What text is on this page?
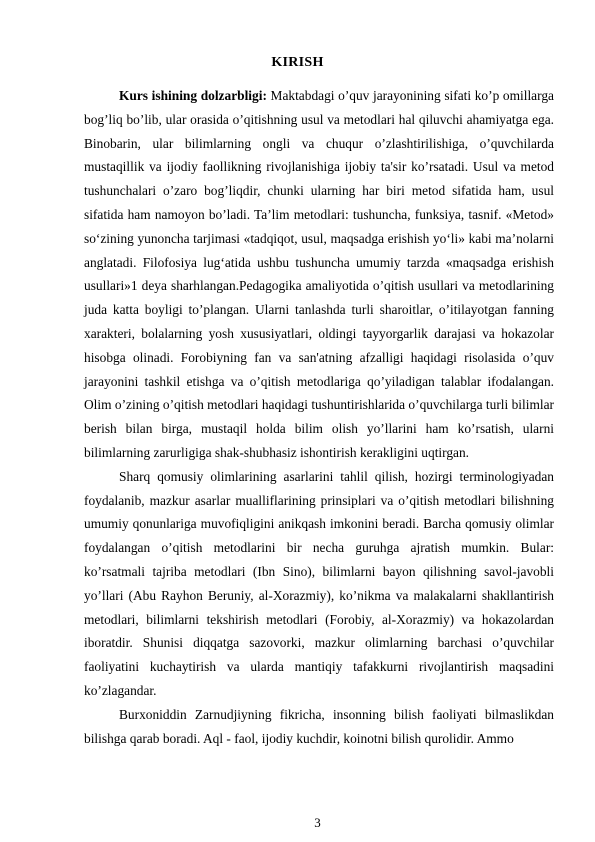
KIRISH

Kurs ishining dolzarbligi: Maktabdagi o’quv jarayonining sifati ko’p omillarga bog’liq bo’lib, ular orasida o’qitishning usul va metodlari hal qiluvchi ahamiyatga ega. Binobarin, ular bilimlarning ongli va chuqur o’zlashtirilishiga, o’quvchilarda mustaqillik va ijodiy faollikning rivojlanishiga ijobiy ta'sir ko’rsatadi. Usul va metod tushunchalari o’zaro bog’liqdir, chunki ularning har biri metod sifatida ham, usul sifatida ham namoyon bo’ladi. Ta’lim metodlari: tushuncha, funksiya, tasnif. «Metod» so‘zining yunoncha tarjimasi «tadqiqot, usul, maqsadga erishish yo‘li» kabi ma’nolarni anglatadi. Filofosiya lug‘atida ushbu tushuncha umumiy tarzda «maqsadga erishish usullari»1 deya sharhlangan.Pedagogika amaliyotida o’qitish usullari va metodlarining juda katta boyligi to’plangan. Ularni tanlashda turli sharoitlar, o’itilayotgan fanning xarakteri, bolalarning yosh xususiyatlari, oldingi tayyorgarlik darajasi va hokazolar hisobga olinadi. Forobiyning fan va san'atning afzalligi haqidagi risolasida o’quv jarayonini tashkil etishga va o’qitish metodlariga qo’yiladigan talablar ifodalangan. Olim o’zining o’qitish metodlari haqidagi tushuntirishlarida o’quvchilarga turli bilimlar berish bilan birga, mustaqil holda bilim olish yo’llarini ham ko’rsatish, ularni bilimlarning zarurligiga shak-shubhasiz ishontirish kerakligini uqtirgan.

Sharq qomusiy olimlarining asarlarini tahlil qilish, hozirgi terminologiyadan foydalanib, mazkur asarlar mualliflarining prinsiplari va o’qitish metodlari bilishning umumiy qonunlariga muvofiqligini anikqash imkonini beradi. Barcha qomusiy olimlar foydalangan o’qitish metodlarini bir necha guruhga ajratish mumkin. Bular: ko’rsatmali tajriba metodlari (Ibn Sino), bilimlarni bayon qilishning savol-javobli yo’llari (Abu Rayhon Beruniy, al-Xorazmiy), ko’nikma va malakalarni shakllantirish metodlari, bilimlarni tekshirish metodlari (Forobiy, al-Xorazmiy) va hokazolardan iboratdir. Shunisi diqqatga sazovorki, mazkur olimlarning barchasi o’quvchilar faoliyatini kuchaytirish va ularda mantiqiy tafakkurni rivojlantirish maqsadini ko’zlagandar.

Burxoniddin Zarnudjiyning fikricha, insonning bilish faoliyati bilmaslikdan bilishga qarab boradi. Aql - faol, ijodiy kuchdir, koinotni bilish qurolidir. Ammo

3
